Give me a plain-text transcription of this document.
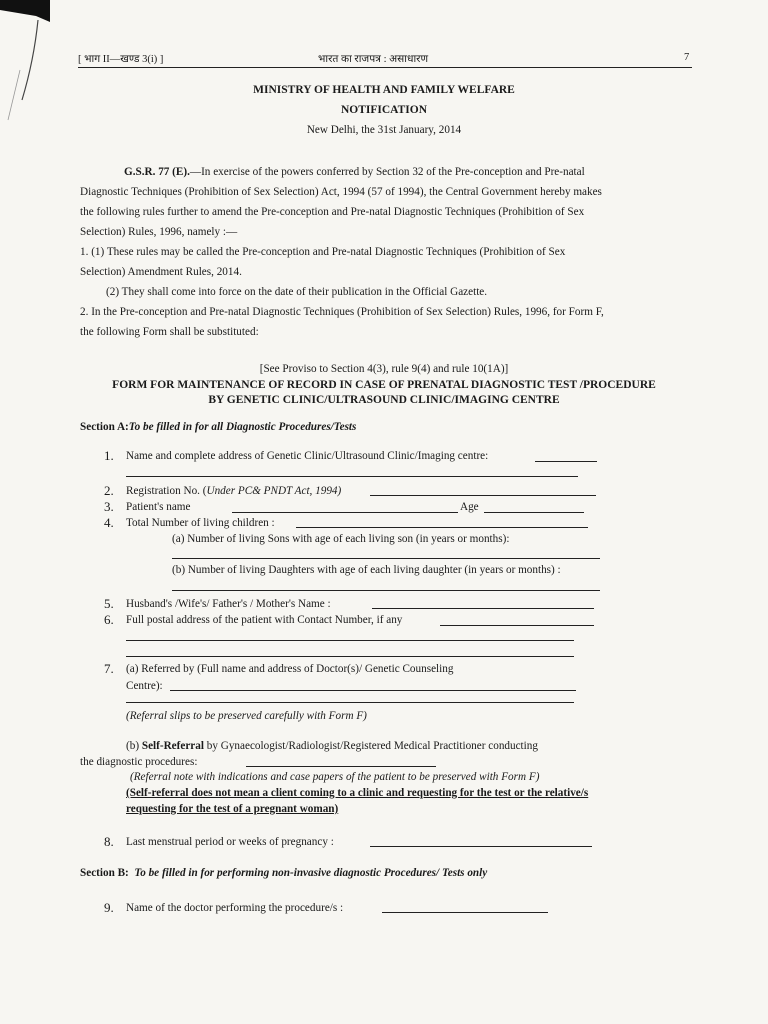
[ भाग II—खण्ड 3(i) ]	भारत का राजपत्र : असाधारण	7
MINISTRY OF HEALTH AND FAMILY WELFARE
NOTIFICATION
New Delhi, the 31st January, 2014
G.S.R. 77 (E).—In exercise of the powers conferred by Section 32 of the Pre-conception and Pre-natal
Diagnostic Techniques (Prohibition of Sex Selection) Act, 1994 (57 of 1994), the Central Government hereby makes
the following rules further to amend the Pre-conception and Pre-natal Diagnostic Techniques (Prohibition of Sex
Selection) Rules, 1996, namely :—
1. (1) These rules may be called the Pre-conception and Pre-natal Diagnostic Techniques (Prohibition of Sex
Selection) Amendment Rules, 2014.
(2) They shall come into force on the date of their publication in the Official Gazette.
2. In the Pre-conception and Pre-natal Diagnostic Techniques (Prohibition of Sex Selection) Rules, 1996, for Form F,
the following Form shall be substituted:
[See Proviso to Section 4(3), rule 9(4) and rule 10(1A)]
FORM FOR MAINTENANCE OF RECORD IN CASE OF PRENATAL DIAGNOSTIC TEST /PROCEDURE
BY GENETIC CLINIC/ULTRASOUND CLINIC/IMAGING CENTRE
Section A:To be filled in for all Diagnostic Procedures/Tests
1. Name and complete address of Genetic Clinic/Ultrasound Clinic/Imaging centre:
2. Registration No. (Under PC& PNDT Act, 1994)
3. Patient's name	Age
4. Total Number of living children :
(a) Number of living Sons with age of each living son (in years or months):
(b) Number of living Daughters with age of each living daughter (in years or months) :
5. Husband's /Wife's/ Father's / Mother's Name :
6. Full postal address of the patient with Contact Number, if any
7. (a) Referred by (Full name and address of Doctor(s)/ Genetic Counseling
Centre):
(Referral slips to be preserved carefully with Form F)
(b) Self-Referral by Gynaecologist/Radiologist/Registered Medical Practitioner conducting
the diagnostic procedures:
(Referral note with indications and case papers of the patient to be preserved with Form F)
(Self-referral does not mean a client coming to a clinic and requesting for the test or the relative/s
requesting for the test of a pregnant woman)
8. Last menstrual period or weeks of pregnancy :
Section B: To be filled in for performing non-invasive diagnostic Procedures/ Tests only
9. Name of the doctor performing the procedure/s :
